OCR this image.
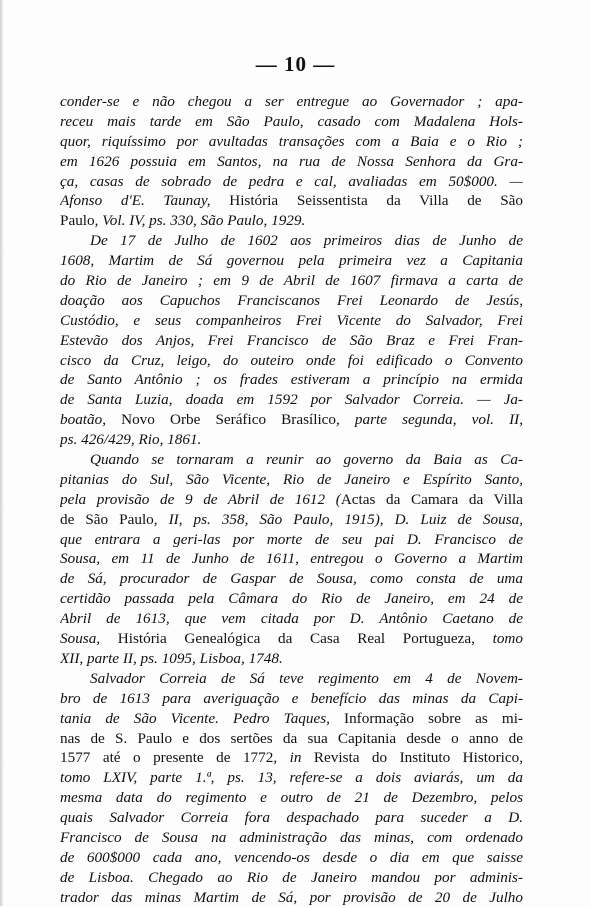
— 10 —
conder-se e não chegou a ser entregue ao Governador ; apa-
receu mais tarde em São Paulo, casado com Madalena Hols-
quor, riquíssimo por avultadas transações com a Baia e o Rio ;
em 1626 possuia em Santos, na rua de Nossa Senhora da Gra-
ça, casas de sobrado de pedra e cal, avaliadas em 50$000. —
Afonso d'E. Taunay, História Seissentista da Villa de São
Paulo, Vol. IV, ps. 330, São Paulo, 1929.
De 17 de Julho de 1602 aos primeiros dias de Junho de
1608, Martim de Sá governou pela primeira vez a Capitania
do Rio de Janeiro ; em 9 de Abril de 1607 firmava a carta de
doação aos Capuchos Franciscanos Frei Leonardo de Jesús,
Custódio, e seus companheiros Frei Vicente do Salvador, Frei
Estevão dos Anjos, Frei Francisco de São Braz e Frei Fran-
cisco da Cruz, leigo, do outeiro onde foi edificado o Convento
de Santo Antônio ; os frades estiveram a princípio na ermida
de Santa Luzia, doada em 1592 por Salvador Correia. — Ja-
boatão, Novo Orbe Seráfico Brasílico, parte segunda, vol. II,
ps. 426/429, Rio, 1861.
Quando se tornaram a reunir ao governo da Baia as Ca-
pitanias do Sul, São Vicente, Rio de Janeiro e Espírito Santo,
pela provisão de 9 de Abril de 1612 (Actas da Camara da Villa
de São Paulo, II, ps. 358, São Paulo, 1915), D. Luiz de Sousa,
que entrara a geri-las por morte de seu pai D. Francisco de
Sousa, em 11 de Junho de 1611, entregou o Governo a Martim
de Sá, procurador de Gaspar de Sousa, como consta de uma
certidão passada pela Câmara do Rio de Janeiro, em 24 de
Abril de 1613, que vem citada por D. Antônio Caetano de
Sousa, História Genealógica da Casa Real Portugueza, tomo
XII, parte II, ps. 1095, Lisboa, 1748.
Salvador Correia de Sá teve regimento em 4 de Novem-
bro de 1613 para averiguação e benefício das minas da Capi-
tania de São Vicente. Pedro Taques, Informação sobre as mi-
nas de S. Paulo e dos sertões da sua Capitania desde o anno de
1577 até o presente de 1772, in Revista do Instituto Historico,
tomo LXIV, parte 1.ª, ps. 13, refere-se a dois aviarás, um da
mesma data do regimento e outro de 21 de Dezembro, pelos
quais Salvador Correia fora despachado para suceder a D.
Francisco de Sousa na administração das minas, com ordenado
de 600$000 cada ano, vencendo-os desde o dia em que saisse
de Lisboa. Chegado ao Rio de Janeiro mandou por adminis-
trador das minas Martim de Sá, por provisão de 20 de Julho
